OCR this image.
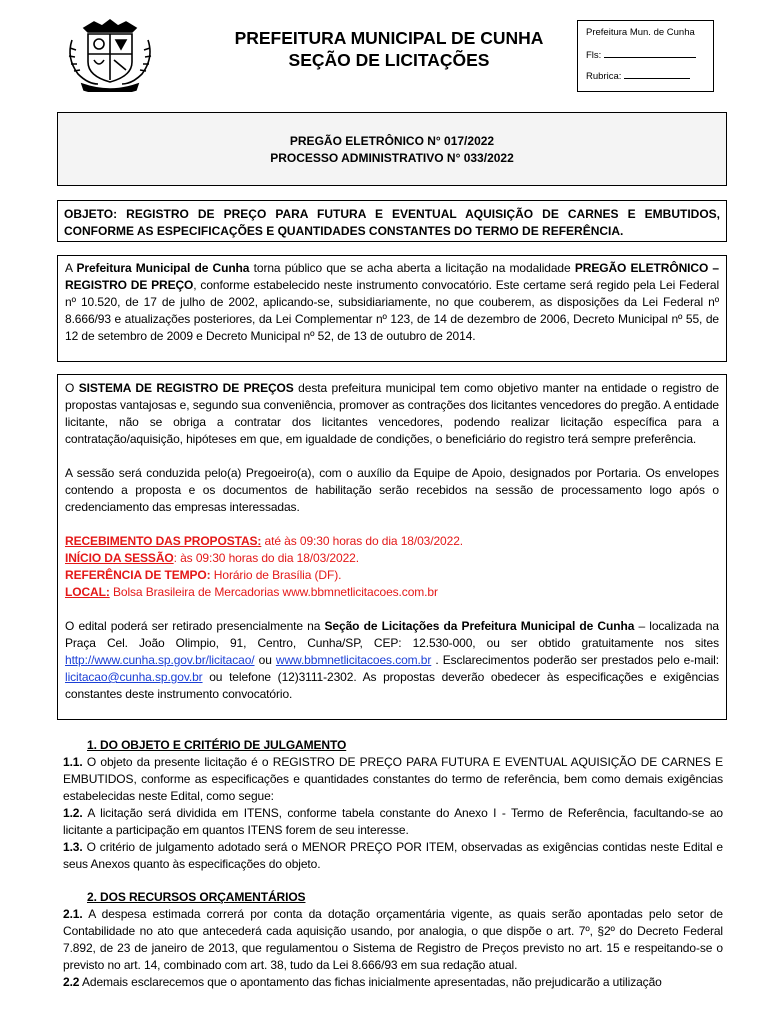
PREFEITURA MUNICIPAL DE CUNHA
SEÇÃO DE LICITAÇÕES
Prefeitura Mun. de Cunha
Fls:
Rubrica:
PREGÃO ELETRÔNICO N° 017/2022
PROCESSO ADMINISTRATIVO N° 033/2022

OBJETO: REGISTRO DE PREÇO PARA FUTURA E EVENTUAL AQUISIÇÃO DE CARNES E EMBUTIDOS, CONFORME AS ESPECIFICAÇÕES E QUANTIDADES CONSTANTES DO TERMO DE REFERÊNCIA.

A Prefeitura Municipal de Cunha torna público que se acha aberta a licitação na modalidade PREGÃO ELETRÔNICO – REGISTRO DE PREÇO, conforme estabelecido neste instrumento convocatório. Este certame será regido pela Lei Federal nº 10.520, de 17 de julho de 2002, aplicando-se, subsidiariamente, no que couberem, as disposições da Lei Federal nº 8.666/93 e atualizações posteriores, da Lei Complementar nº 123, de 14 de dezembro de 2006, Decreto Municipal nº 55, de 12 de setembro de 2009 e Decreto Municipal nº 52, de 13 de outubro de 2014.

O SISTEMA DE REGISTRO DE PREÇOS desta prefeitura municipal tem como objetivo manter na entidade o registro de propostas vantajosas e, segundo sua conveniência, promover as contrações dos licitantes vencedores do pregão. A entidade licitante, não se obriga a contratar dos licitantes vencedores, podendo realizar licitação específica para a contratação/aquisição, hipóteses em que, em igualdade de condições, o beneficiário do registro terá sempre preferência.

A sessão será conduzida pelo(a) Pregoeiro(a), com o auxílio da Equipe de Apoio, designados por Portaria. Os envelopes contendo a proposta e os documentos de habilitação serão recebidos na sessão de processamento logo após o credenciamento das empresas interessadas.

RECEBIMENTO DAS PROPOSTAS: até às 09:30 horas do dia 18/03/2022.
INÍCIO DA SESSÃO: às 09:30 horas do dia 18/03/2022.
REFERÊNCIA DE TEMPO: Horário de Brasília (DF).
LOCAL: Bolsa Brasileira de Mercadorias www.bbmnetlicitacoes.com.br

O edital poderá ser retirado presencialmente na Seção de Licitações da Prefeitura Municipal de Cunha – localizada na Praça Cel. João Olimpio, 91, Centro, Cunha/SP, CEP: 12.530-000, ou ser obtido gratuitamente nos sites http://www.cunha.sp.gov.br/licitacao/ ou www.bbmnetlicitacoes.com.br . Esclarecimentos poderão ser prestados pelo e-mail: licitacao@cunha.sp.gov.br ou telefone (12)3111-2302. As propostas deverão obedecer às especificações e exigências constantes deste instrumento convocatório.

1. DO OBJETO E CRITÉRIO DE JULGAMENTO

1.1. O objeto da presente licitação é o REGISTRO DE PREÇO PARA FUTURA E EVENTUAL AQUISIÇÃO DE CARNES E EMBUTIDOS, conforme as especificações e quantidades constantes do termo de referência, bem como demais exigências estabelecidas neste Edital, como segue:

1.2. A licitação será dividida em ITENS, conforme tabela constante do Anexo I - Termo de Referência, facultando-se ao licitante a participação em quantos ITENS forem de seu interesse.

1.3. O critério de julgamento adotado será o MENOR PREÇO POR ITEM, observadas as exigências contidas neste Edital e seus Anexos quanto às especificações do objeto.

2. DOS RECURSOS ORÇAMENTÁRIOS

2.1. A despesa estimada correrá por conta da dotação orçamentária vigente, as quais serão apontadas pelo setor de Contabilidade no ato que antecederá cada aquisição usando, por analogia, o que dispõe o art. 7º, §2º do Decreto Federal 7.892, de 23 de janeiro de 2013, que regulamentou o Sistema de Registro de Preços previsto no art. 15 e respeitando-se o previsto no art. 14, combinado com art. 38, tudo da Lei 8.666/93 em sua redação atual.

2.2 Ademais esclarecemos que o apontamento das fichas inicialmente apresentadas, não prejudicarão a utilização
